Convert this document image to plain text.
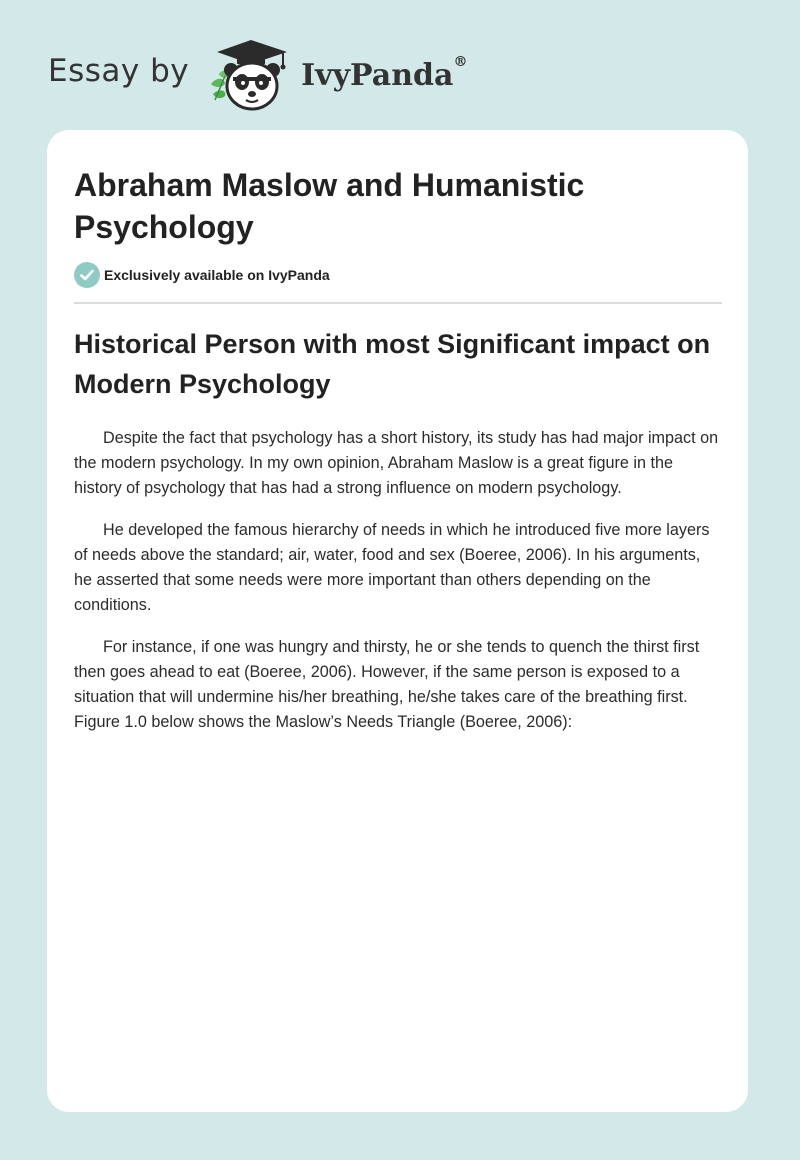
Essay by	IvyPanda®
Abraham Maslow and Humanistic Psychology
Exclusively available on IvyPanda
Historical Person with most Significant impact on Modern Psychology

Despite the fact that psychology has a short history, its study has had major impact on the modern psychology. In my own opinion, Abraham Maslow is a great figure in the history of psychology that has had a strong influence on modern psychology.

He developed the famous hierarchy of needs in which he introduced five more layers of needs above the standard; air, water, food and sex (Boeree, 2006). In his arguments, he asserted that some needs were more important than others depending on the conditions.

For instance, if one was hungry and thirsty, he or she tends to quench the thirst first then goes ahead to eat (Boeree, 2006). However, if the same person is exposed to a situation that will undermine his/her breathing, he/she takes care of the breathing first. Figure 1.0 below shows the Maslow’s Needs Triangle (Boeree, 2006):
